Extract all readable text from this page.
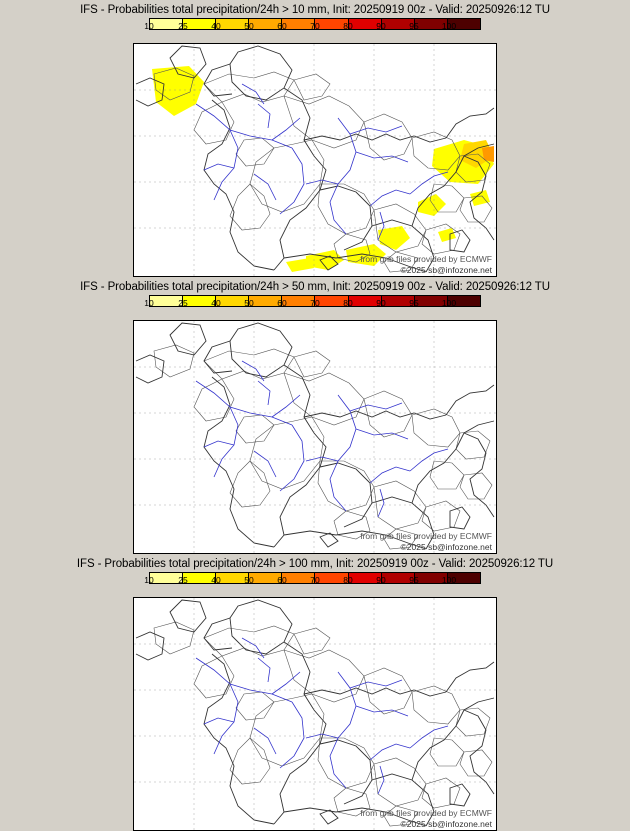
IFS - Probabilities total precipitation/24h > 10 mm, Init: 20250919 00z - Valid: 20250926:12 TU
10	25	40	50	60	70	80	90	95	100
from grib files provided by ECMWF
©2025 sb@infozone.net
IFS - Probabilities total precipitation/24h > 50 mm, Init: 20250919 00z - Valid: 20250926:12 TU
10	25	40	50	60	70	80	90	95	100
from grib files provided by ECMWF
©2025 sb@infozone.net
IFS - Probabilities total precipitation/24h > 100 mm, Init: 20250919 00z - Valid: 20250926:12 TU
10	25	40	50	60	70	80	90	95	100
from grib files provided by ECMWF
©2025 sb@infozone.net
